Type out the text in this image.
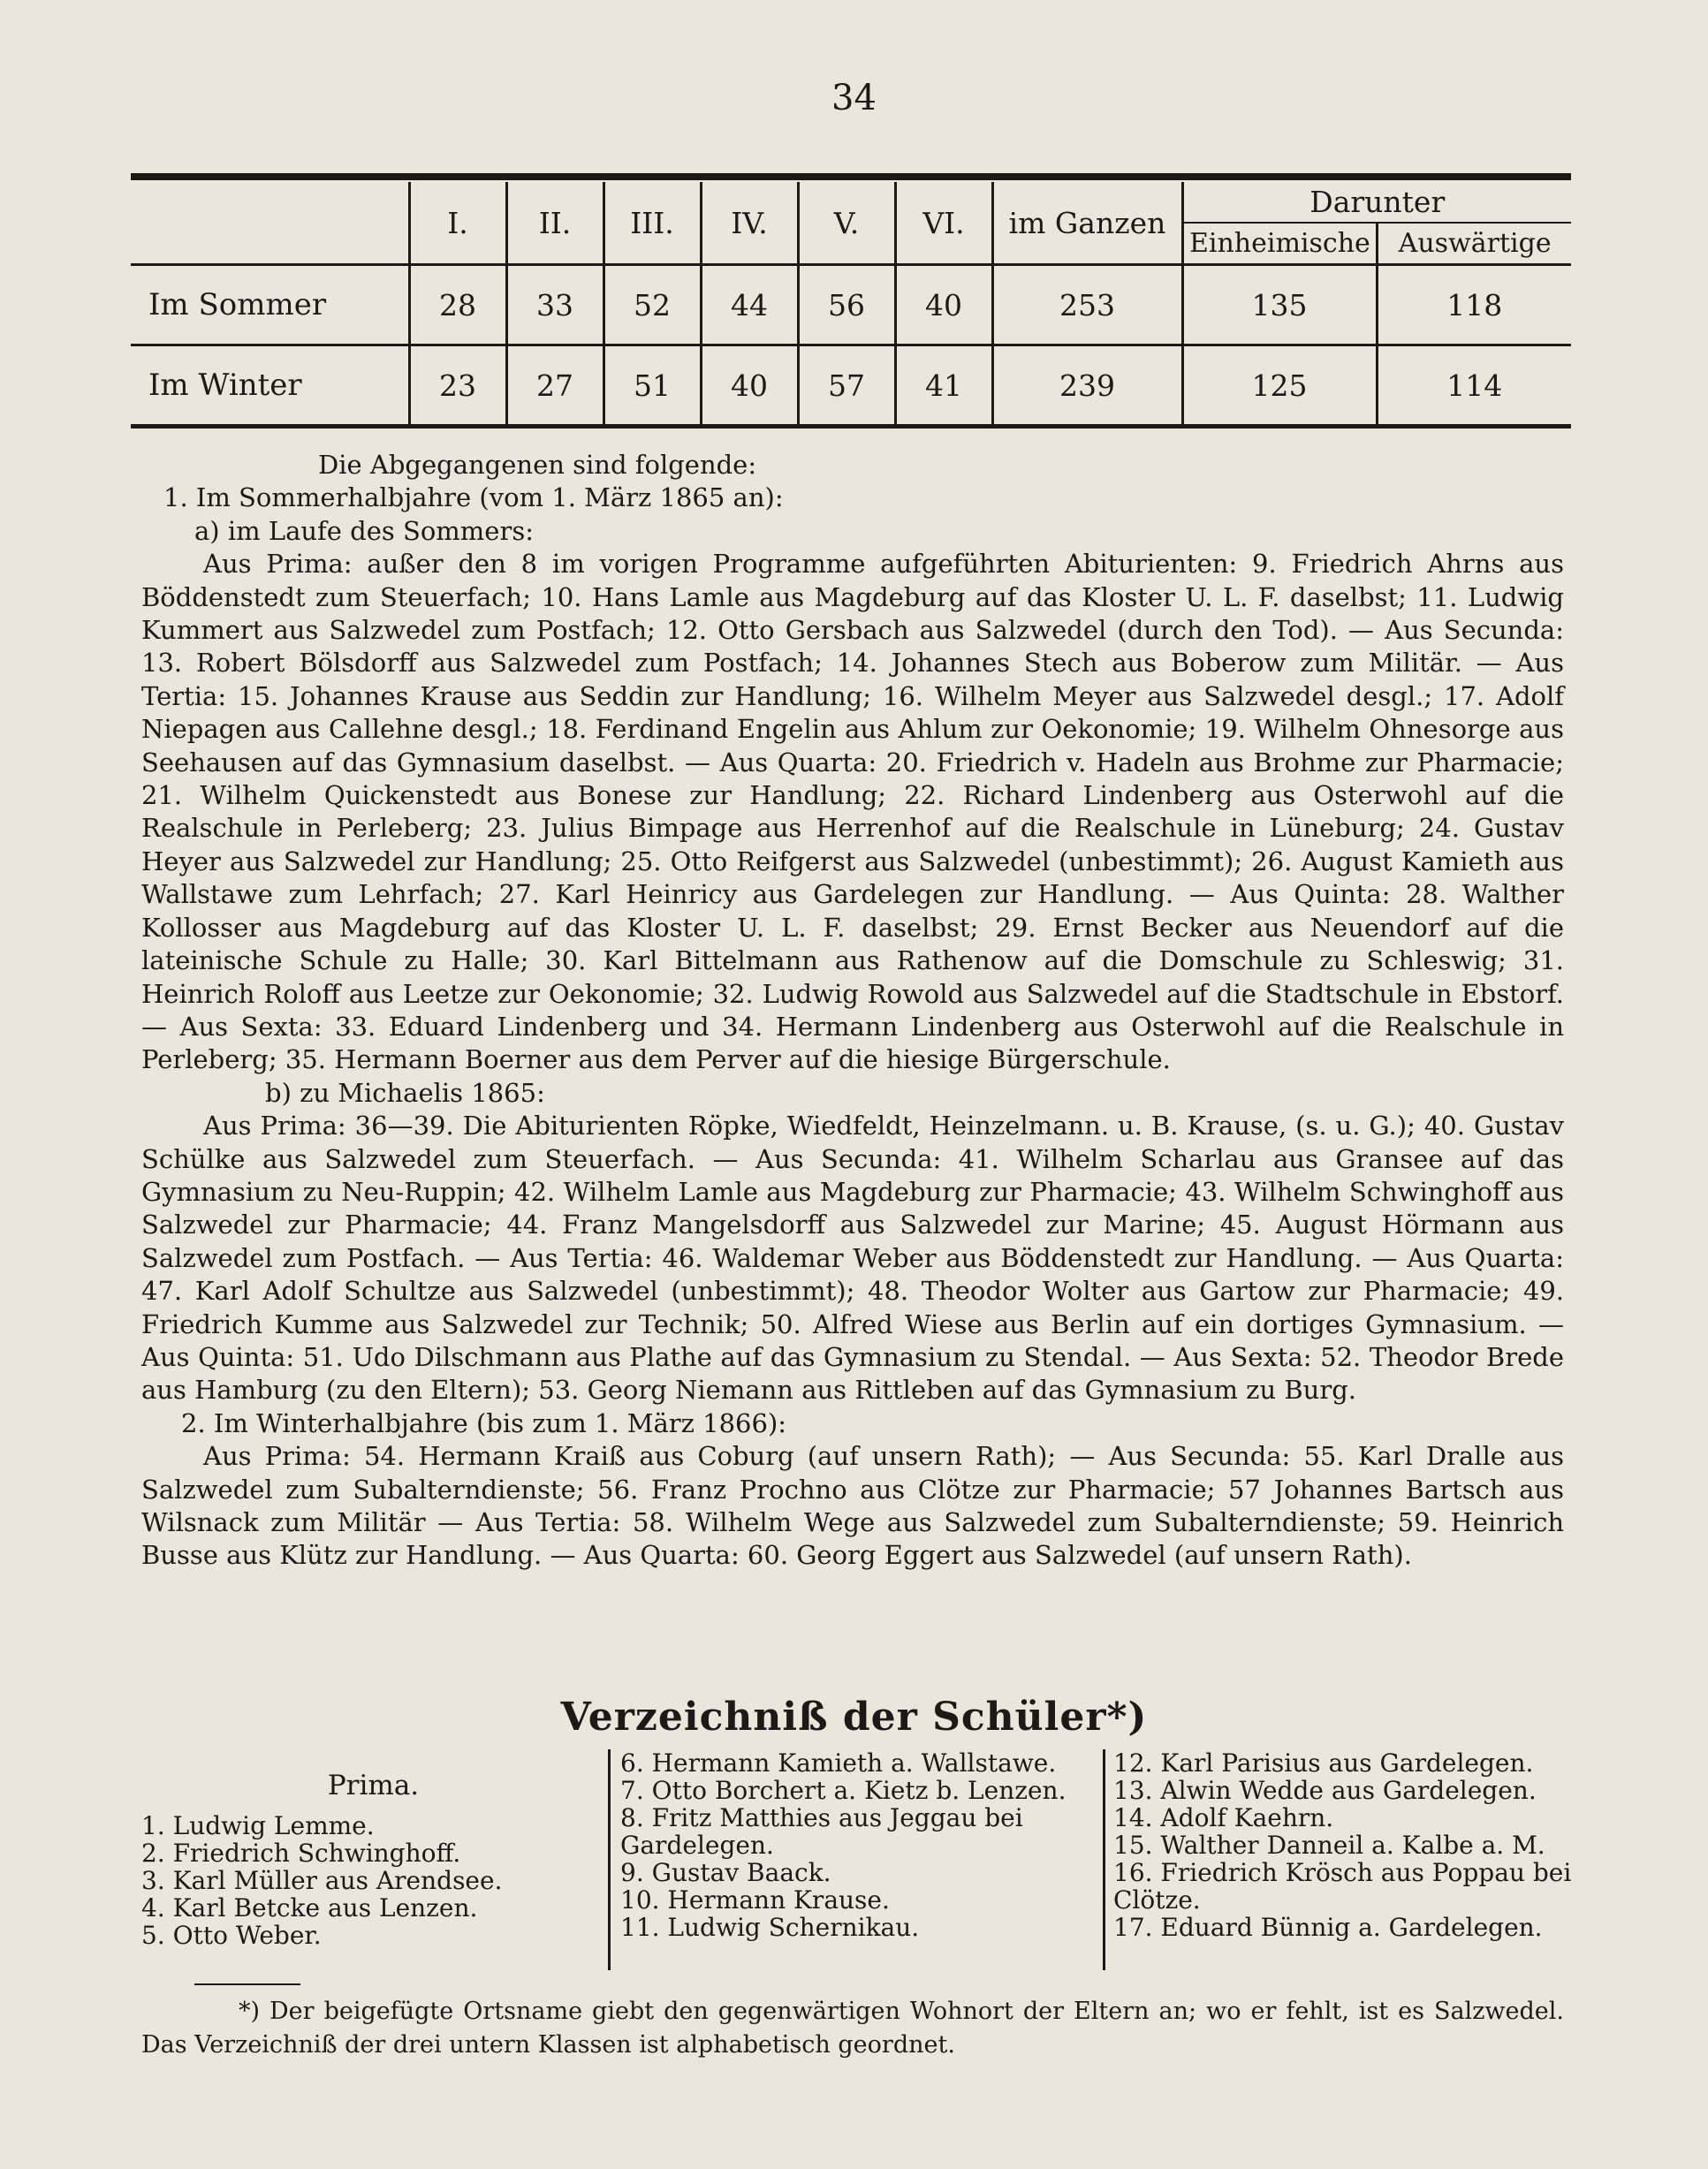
34
	I.	II.	III.	IV.	V.	VI.	im Ganzen	Darunter
Einheimische Auswärtige	

Im Sommer	28	33	52	44	56	40	253	135	118
Im Winter	23	27	51	40	57	41	239	125	114

Die Abgegangenen sind folgende:

1. Im Sommerhalbjahre (vom 1. März 1865 an):

a) im Laufe des Sommers:

Aus Prima: außer den 8 im vorigen Programme aufgeführten Abiturienten: 9. Friedrich Ahrns aus Böddenstedt zum Steuerfach; 10. Hans Lamle aus Magdeburg auf das Kloster U. L. F. daselbst; 11. Ludwig Kummert aus Salzwedel zum Postfach; 12. Otto Gersbach aus Salzwedel (durch den Tod). — Aus Secunda: 13. Robert Bölsdorff aus Salzwedel zum Postfach; 14. Johannes Stech aus Boberow zum Militär. — Aus Tertia: 15. Johannes Krause aus Seddin zur Handlung; 16. Wilhelm Meyer aus Salzwedel desgl.; 17. Adolf Niepagen aus Callehne desgl.; 18. Ferdinand Engelin aus Ahlum zur Oekonomie; 19. Wilhelm Ohnesorge aus Seehausen auf das Gymnasium daselbst. — Aus Quarta: 20. Friedrich v. Hadeln aus Brohme zur Pharmacie; 21. Wilhelm Quickenstedt aus Bonese zur Handlung; 22. Richard Lindenberg aus Osterwohl auf die Realschule in Perleberg; 23. Julius Bimpage aus Herrenhof auf die Realschule in Lüneburg; 24. Gustav Heyer aus Salzwedel zur Handlung; 25. Otto Reifgerst aus Salzwedel (unbestimmt); 26. August Kamieth aus Wallstawe zum Lehrfach; 27. Karl Heinricy aus Gardelegen zur Handlung. — Aus Quinta: 28. Walther Kollosser aus Magdeburg auf das Kloster U. L. F. daselbst; 29. Ernst Becker aus Neuendorf auf die lateinische Schule zu Halle; 30. Karl Bittelmann aus Rathenow auf die Domschule zu Schleswig; 31. Heinrich Roloff aus Leetze zur Oekonomie; 32. Ludwig Rowold aus Salzwedel auf die Stadtschule in Ebstorf. — Aus Sexta: 33. Eduard Lindenberg und 34. Hermann Lindenberg aus Osterwohl auf die Realschule in Perleberg; 35. Hermann Boerner aus dem Perver auf die hiesige Bürgerschule.

b) zu Michaelis 1865:

Aus Prima: 36—39. Die Abiturienten Röpke, Wiedfeldt, Heinzelmann. u. B. Krause, (s. u. G.); 40. Gustav Schülke aus Salzwedel zum Steuerfach. — Aus Secunda: 41. Wilhelm Scharlau aus Gransee auf das Gymnasium zu Neu-Ruppin; 42. Wilhelm Lamle aus Magdeburg zur Pharmacie; 43. Wilhelm Schwinghoff aus Salzwedel zur Pharmacie; 44. Franz Mangelsdorff aus Salzwedel zur Marine; 45. August Hörmann aus Salzwedel zum Postfach. — Aus Tertia: 46. Waldemar Weber aus Böddenstedt zur Handlung. — Aus Quarta: 47. Karl Adolf Schultze aus Salzwedel (unbestimmt); 48. Theodor Wolter aus Gartow zur Pharmacie; 49. Friedrich Kumme aus Salzwedel zur Technik; 50. Alfred Wiese aus Berlin auf ein dortiges Gymnasium. — Aus Quinta: 51. Udo Dilschmann aus Plathe auf das Gymnasium zu Stendal. — Aus Sexta: 52. Theodor Brede aus Hamburg (zu den Eltern); 53. Georg Niemann aus Rittleben auf das Gymnasium zu Burg.

2. Im Winterhalbjahre (bis zum 1. März 1866):

Aus Prima: 54. Hermann Kraiß aus Coburg (auf unsern Rath); — Aus Secunda: 55. Karl Dralle aus Salzwedel zum Subalterndienste; 56. Franz Prochno aus Clötze zur Pharmacie; 57 Johannes Bartsch aus Wilsnack zum Militär — Aus Tertia: 58. Wilhelm Wege aus Salzwedel zum Subalterndienste; 59. Heinrich Busse aus Klütz zur Handlung. — Aus Quarta: 60. Georg Eggert aus Salzwedel (auf unsern Rath).

Verzeichniß der Schüler*)
Prima.
1. Ludwig Lemme.
2. Friedrich Schwinghoff.
3. Karl Müller aus Arendsee.
4. Karl Betcke aus Lenzen.
5. Otto Weber.
6. Hermann Kamieth a. Wallstawe.
7. Otto Borchert a. Kietz b. Lenzen.
8. Fritz Matthies aus Jeggau bei Gardelegen.
9. Gustav Baack.
10. Hermann Krause.
11. Ludwig Schernikau.
12. Karl Parisius aus Gardelegen.
13. Alwin Wedde aus Gardelegen.
14. Adolf Kaehrn.
15. Walther Danneil a. Kalbe a. M.
16. Friedrich Krösch aus Poppau bei Clötze.
17. Eduard Bünnig a. Gardelegen.
*) Der beigefügte Ortsname giebt den gegenwärtigen Wohnort der Eltern an; wo er fehlt, ist es Salzwedel. Das Verzeichniß der drei untern Klassen ist alphabetisch geordnet.
